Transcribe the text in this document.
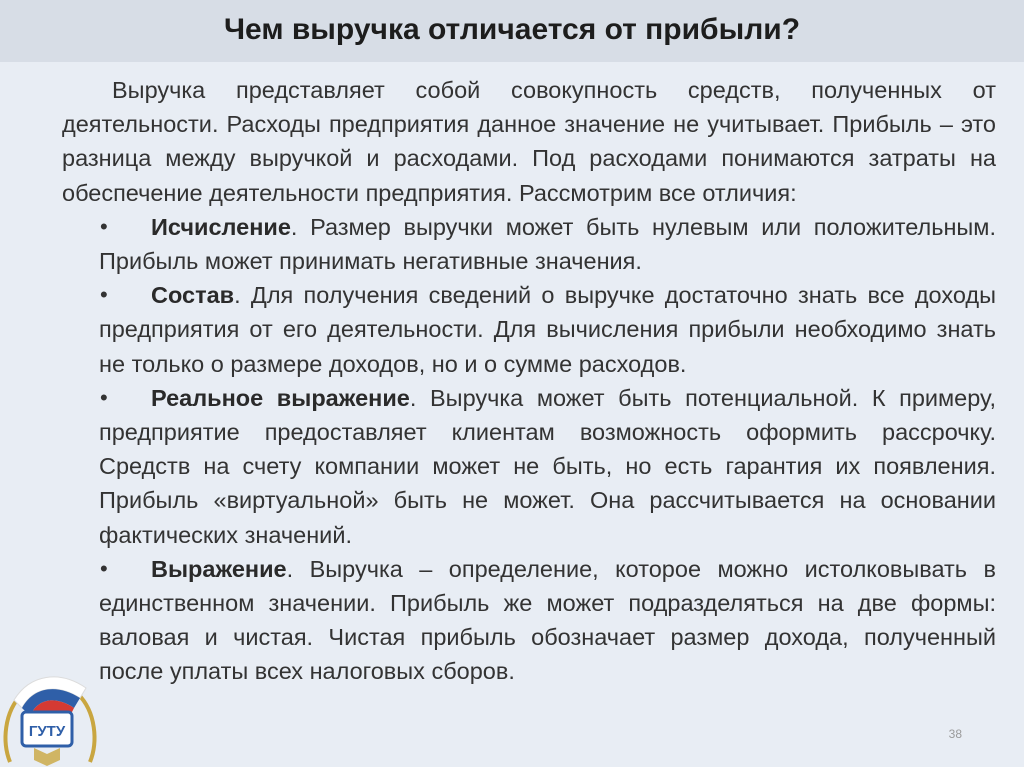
Чем выручка отличается от прибыли?

Выручка представляет собой совокупность средств, полученных от деятельности. Расходы предприятия данное значение не учитывает. Прибыль – это разница между выручкой и расходами. Под расходами понимаются затраты на обеспечение деятельности предприятия. Рассмотрим все отличия:

•	Исчисление. Размер выручки может быть нулевым или положительным. Прибыль может принимать негативные значения.

•	Состав. Для получения сведений о выручке достаточно знать все доходы предприятия от его деятельности. Для вычисления прибыли необходимо знать не только о размере доходов, но и о сумме расходов.

•	Реальное выражение. Выручка может быть потенциальной. К примеру, предприятие предоставляет клиентам возможность оформить рассрочку. Средств на счету компании может не быть, но есть гарантия их появления. Прибыль «виртуальной» быть не может. Она рассчитывается на основании фактических значений.

•	Выражение. Выручка – определение, которое можно истолковывать в единственном значении. Прибыль же может подразделяться на две формы: валовая и чистая. Чистая прибыль обозначает размер дохода, полученный после уплаты всех налоговых сборов.

ГУТУ	38
